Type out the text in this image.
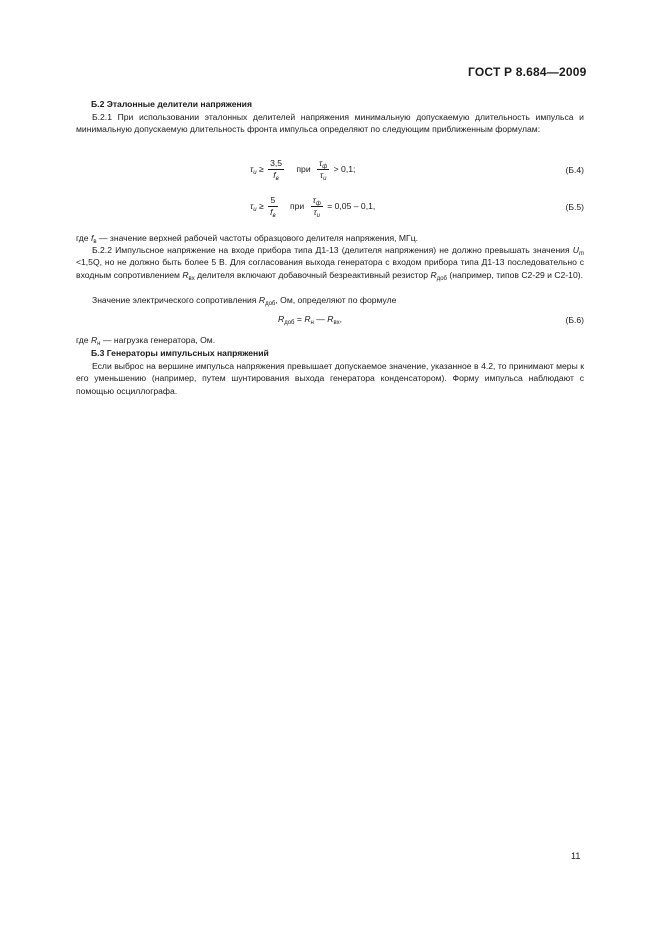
ГОСТ Р 8.684—2009
Б.2 Эталонные делители напряжения
Б.2.1 При использовании эталонных делителей напряжения минимальную допускаемую длительность импульса и минимальную допускаемую длительность фронта импульса определяют по следующим приближенным формулам:
$\tau_и \ge \frac{3,5}{f_в}$ при $\frac{\tau_ф}{\tau_и} > 0,1$;	(Б.4)
$\tau_и \ge \frac{5}{f_в}$ при $\frac{\tau_ф}{\tau_и} = 0,05 - 0,1$,	(Б.5)
где $f_в$ — значение верхней рабочей частоты образцового делителя напряжения, МГц.
Б.2.2 Импульсное напряжение на входе прибора типа Д1-13 (делителя напряжения) не должно превышать значения $U_m <1,5Q$, но не должно быть более 5 В. Для согласования выхода генератора с входом прибора типа Д1-13 последовательно с входным сопротивлением $R_{вх}$ делителя включают добавочный безреактивный резистор $R_{доб}$ (например, типов С2-29 и С2-10).
Значение электрического сопротивления $R_{доб}$, Ом, определяют по формуле
$R_{доб} = R_н$ — $R_{вх}$,	(Б.6)
где $R_н$ — нагрузка генератора, Ом.
Б.3 Генераторы импульсных напряжений
Если выброс на вершине импульса напряжения превышает допускаемое значение, указанное в 4.2, то принимают меры к его уменьшению (например, путем шунтирования выхода генератора конденсатором). Форму импульса наблюдают с помощью осциллографа.
11
